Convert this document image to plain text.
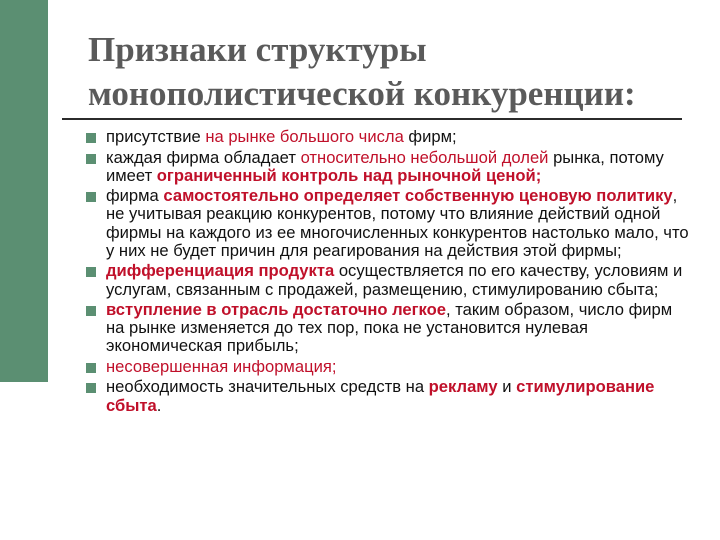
Признаки структуры
монополистической конкуренции:
присутствие на рынке большого числа фирм;
каждая фирма обладает относительно небольшой долей рынка, потому имеет ограниченный контроль над рыночной ценой;
фирма самостоятельно определяет собственную ценовую политику, не учитывая реакцию конкурентов, потому что влияние действий одной фирмы на каждого из ее многочисленных конкурентов настолько мало, что у них не будет причин для реагирования на действия этой фирмы;
дифференциация продукта осуществляется по его качеству, условиям и услугам, связанным с продажей, размещению, стимулированию сбыта;
вступление в отрасль достаточно легкое, таким образом, число фирм на рынке изменяется до тех пор, пока не установится нулевая экономическая прибыль;
несовершенная информация;
необходимость значительных средств на рекламу и стимулирование сбыта.
